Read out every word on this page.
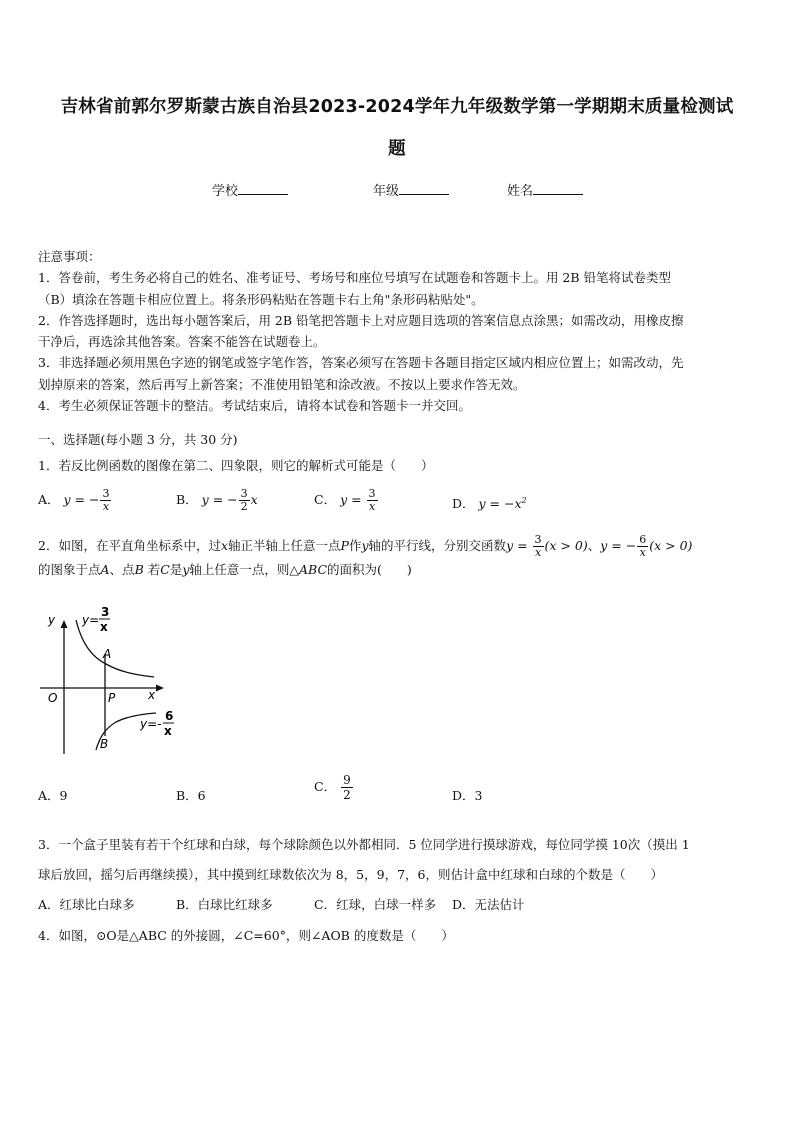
吉林省前郭尔罗斯蒙古族自治县2023-2024学年九年级数学第一学期期末质量检测试
题
学校	年级	姓名
注意事项：
1．答卷前，考生务必将自己的姓名、准考证号、考场号和座位号填写在试题卷和答题卡上。用 2B 铅笔将试卷类型
（B）填涂在答题卡相应位置上。将条形码粘贴在答题卡右上角"条形码粘贴处"。
2．作答选择题时，选出每小题答案后，用 2B 铅笔把答题卡上对应题目选项的答案信息点涂黑；如需改动，用橡皮擦
干净后，再选涂其他答案。答案不能答在试题卷上。
3．非选择题必须用黑色字迹的钢笔或签字笔作答，答案必须写在答题卡各题目指定区域内相应位置上；如需改动，先
划掉原来的答案，然后再写上新答案；不准使用铅笔和涂改液。不按以上要求作答无效。
4．考生必须保证答题卡的整洁。考试结束后，请将本试卷和答题卡一并交回。
一、选择题(每小题 3 分，共 30 分)
1．若反比例函数的图像在第二、四象限，则它的解析式可能是（　　）
A． y = − $\frac{3}{x}$	B． y = − $\frac{3}{2}$ x	C． $y = \frac{3}{x}$	D． $y = -x^2$
2．如图，在平直角坐标系中，过x轴正半轴上任意一点P作y轴的平行线，分别交函数$y = \frac{3}{x} (x > 0)$、y = − $\frac{6}{x} (x > 0)$
的图象于点A、点B 若C是y轴上任意一点，则△ABC的面积为(　　)
y
x
O	P
A
B
y=
3
x
y=-
6
x
A．9	B．6
C． $\frac{9}{2}$	D．3
3．一个盒子里装有若干个红球和白球，每个球除颜色以外都相同．5 位同学进行摸球游戏，每位同学摸 10次（摸出 1
球后放回，摇匀后再继续摸），其中摸到红球数依次为 8，5，9，7，6，则估计盒中红球和白球的个数是（　　）
A．红球比白球多	B．白球比红球多	C．红球，白球一样多 D．无法估计
4．如图，⊙O是△ABC 的外接圆，∠C=60°，则∠AOB 的度数是（　　）
